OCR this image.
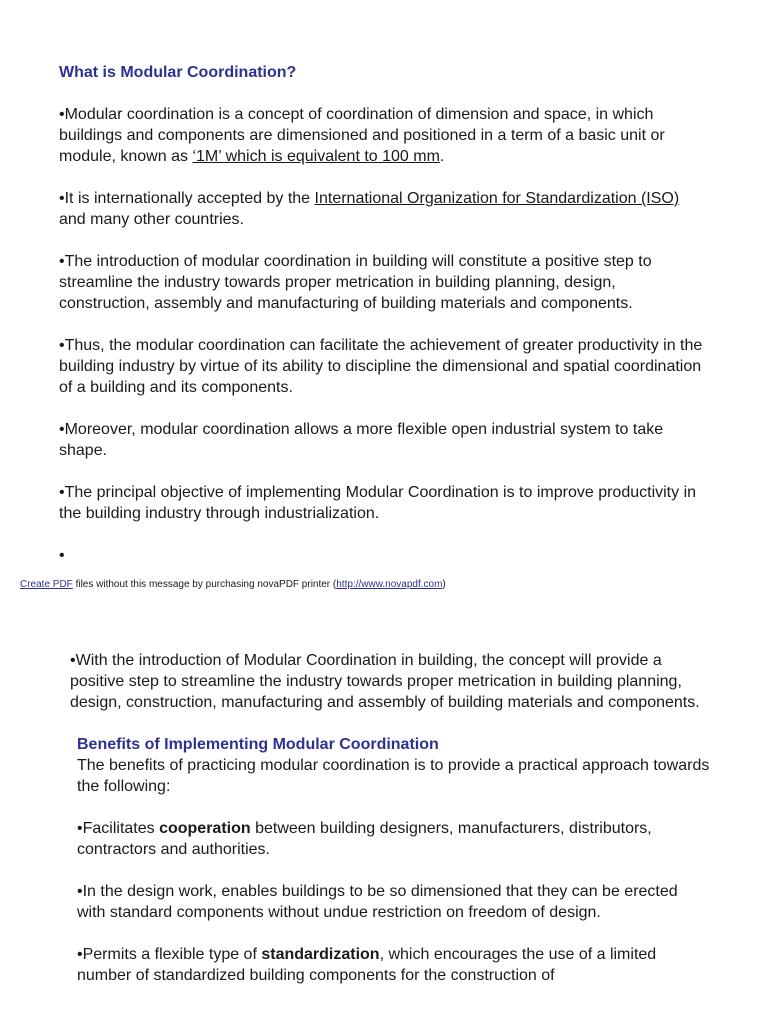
What is Modular Coordination?

•Modular coordination is a concept of coordination of dimension and space, in which buildings and components are dimensioned and positioned in a term of a basic unit or module, known as ‘1M’ which is equivalent to 100 mm.

•It is internationally accepted by the International Organization for Standardization (ISO) and many other countries.

•The introduction of modular coordination in building will constitute a positive step to streamline the industry towards proper metrication in building planning, design, construction, assembly and manufacturing of building materials and components.

•Thus, the modular coordination can facilitate the achievement of greater productivity in the building industry by virtue of its ability to discipline the dimensional and spatial coordination of a building and its components.

•Moreover, modular coordination allows a more flexible open industrial system to take shape.

•The principal objective of implementing Modular Coordination is to improve productivity in the building industry through industrialization.

•

Create PDF files without this message by purchasing novaPDF printer (http://www.novapdf.com)

•With the introduction of Modular Coordination in building, the concept will provide a positive step to streamline the industry towards proper metrication in building planning, design, construction, manufacturing and assembly of building materials and components.

Benefits of Implementing Modular Coordination

The benefits of practicing modular coordination is to provide a practical approach towards the following:

•Facilitates cooperation between building designers, manufacturers, distributors, contractors and authorities.

•In the design work, enables buildings to be so dimensioned that they can be erected with standard components without undue restriction on freedom of design.

•Permits a flexible type of standardization, which encourages the use of a limited number of standardized building components for the construction of
